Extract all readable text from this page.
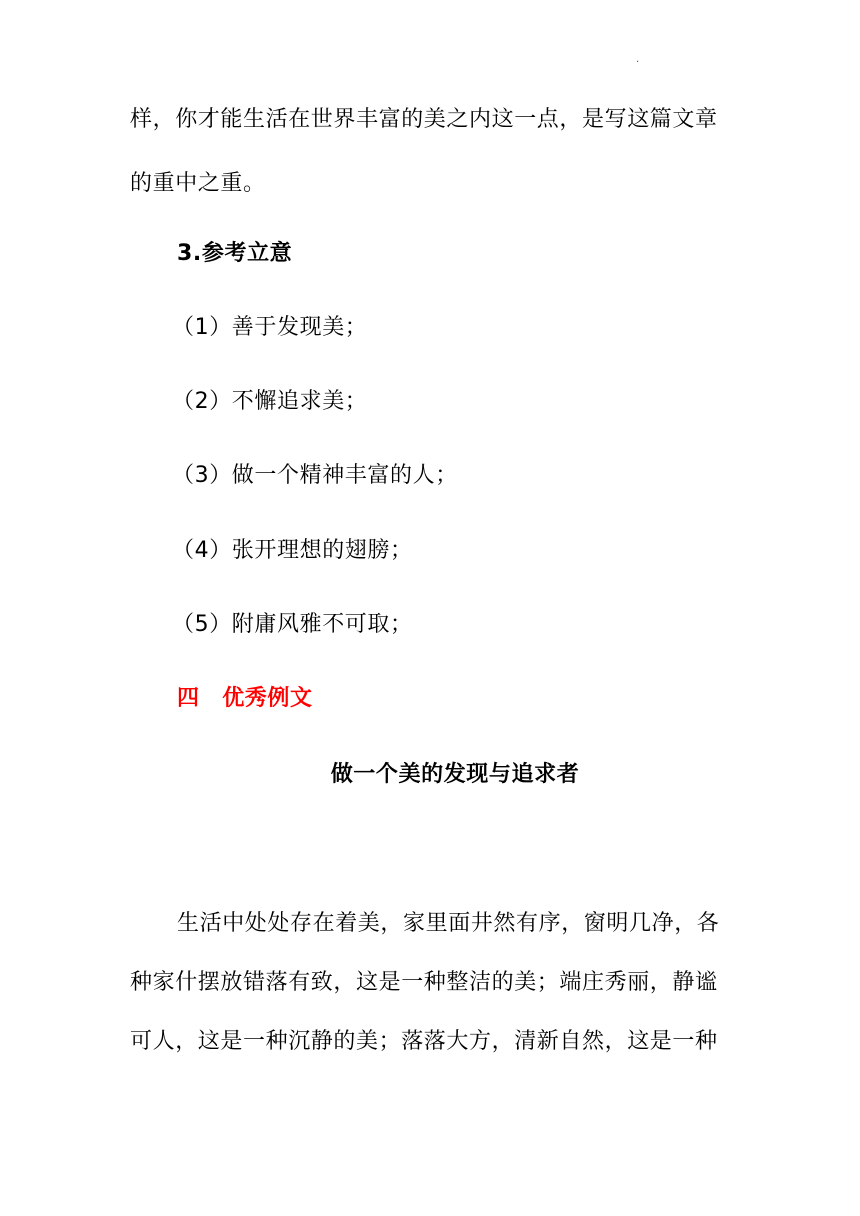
·
样，你才能生活在世界丰富的美之内这一点，是写这篇文章
的重中之重。
3.参考立意
（1）善于发现美；
（2）不懈追求美；
（3）做一个精神丰富的人；
（4）张开理想的翅膀；
（5）附庸风雅不可取；
四　优秀例文
做一个美的发现与追求者
生活中处处存在着美，家里面井然有序，窗明几净，各
种家什摆放错落有致，这是一种整洁的美；端庄秀丽，静谧
可人，这是一种沉静的美；落落大方，清新自然，这是一种
